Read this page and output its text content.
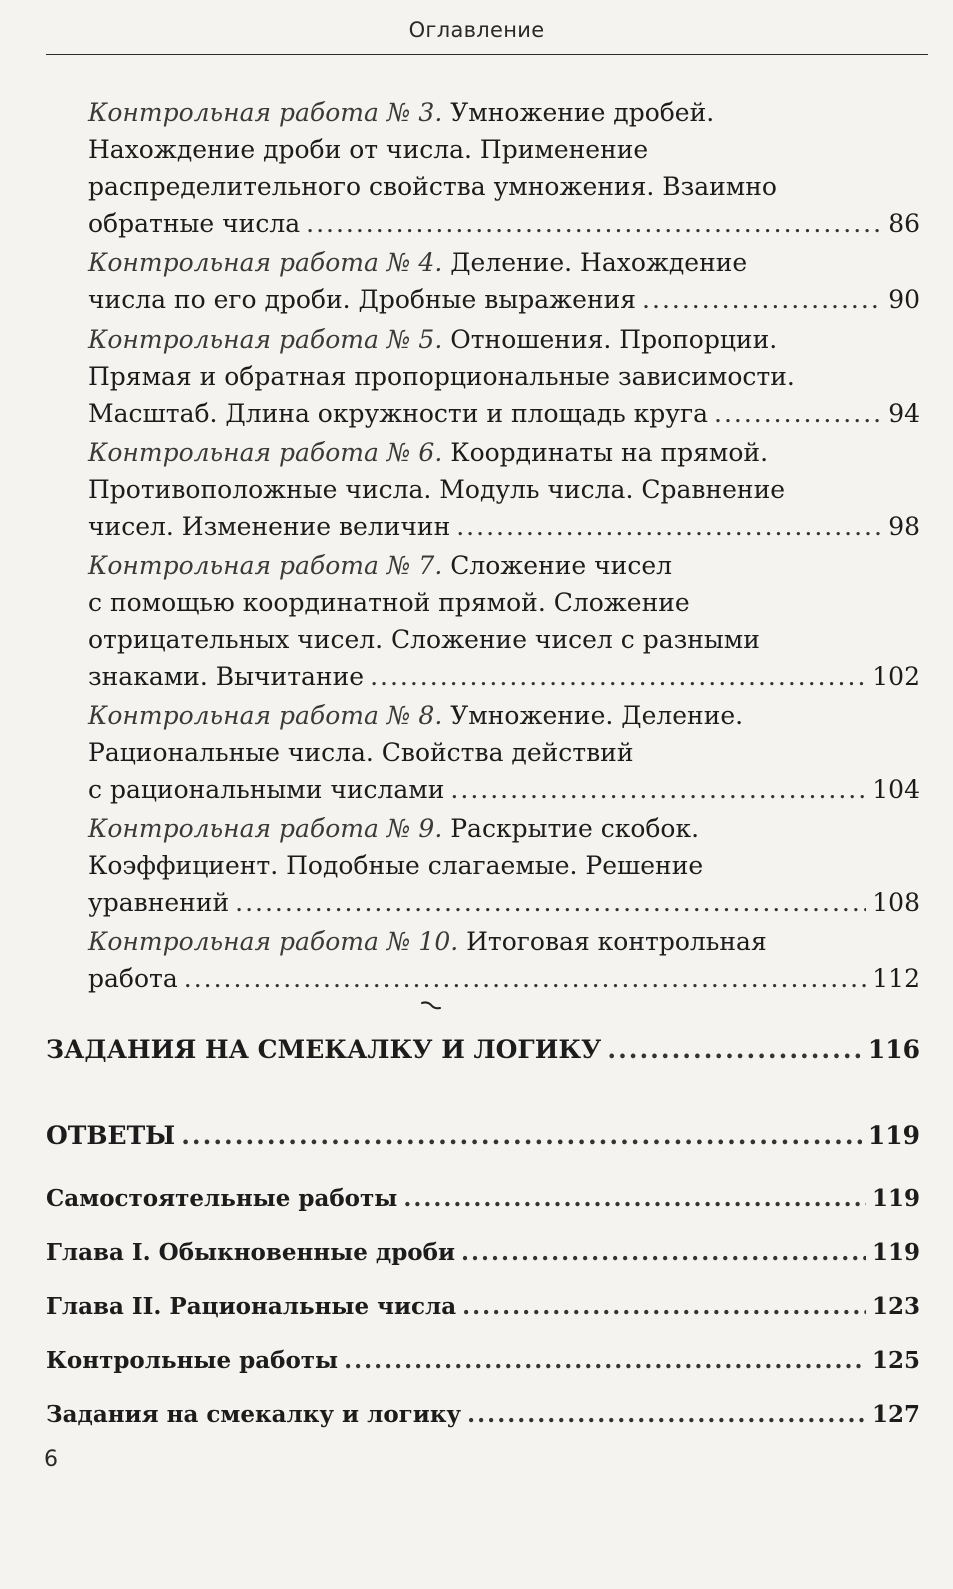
Оглавление
Контрольная работа № 3. Умножение дробей.
Нахождение дроби от числа. Применение
распределительного свойства умножения. Взаимно
обратные числа .....	86
Контрольная работа № 4. Деление. Нахождение
числа по его дроби. Дробные выражения .....	90
Контрольная работа № 5. Отношения. Пропорции.
Прямая и обратная пропорциональные зависимости.
Масштаб. Длина окружности и площадь круга .....	94
Контрольная работа № 6. Координаты на прямой.
Противоположные числа. Модуль числа. Сравнение
чисел. Изменение величин .....	98
Контрольная работа № 7. Сложение чисел
с помощью координатной прямой. Сложение
отрицательных чисел. Сложение чисел с разными
знаками. Вычитание .....	102
Контрольная работа № 8. Умножение. Деление.
Рациональные числа. Свойства действий
с рациональными числами .....	104
Контрольная работа № 9. Раскрытие скобок.
Коэффициент. Подобные слагаемые. Решение
уравнений .....	108
Контрольная работа № 10. Итоговая контрольная
работа .....	112
ЗАДАНИЯ НА СМЕКАЛКУ И ЛОГИКУ .....	116
ОТВЕТЫ .....	119
Самостоятельные работы .....	119
Глава I. Обыкновенные дроби .....	119
Глава II. Рациональные числа .....	123
Контрольные работы .....	125
Задания на смекалку и логику .....	127
6
